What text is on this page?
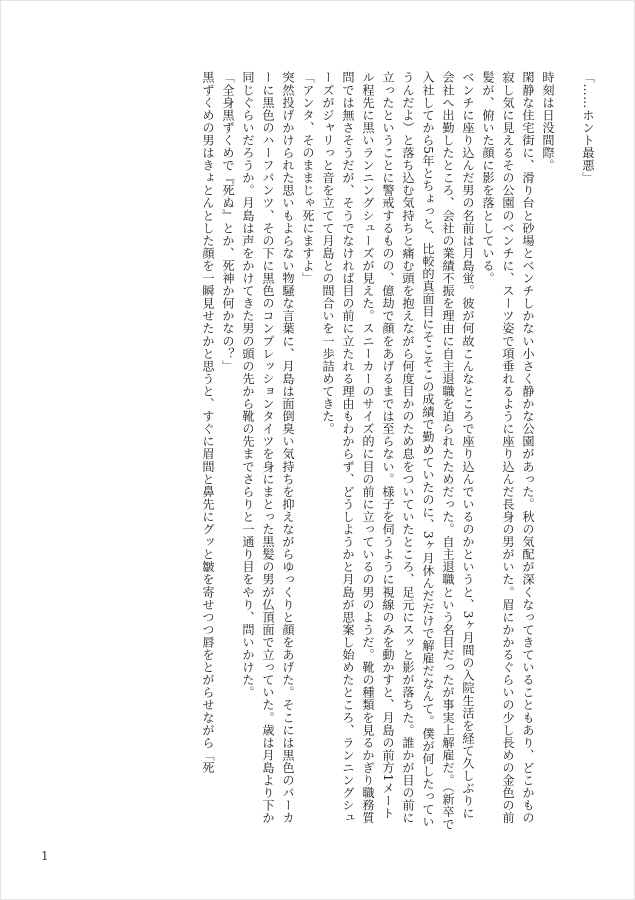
「……ホント最悪」

時刻は日没間際。

閑静な住宅街に、滑り台と砂場とベンチしかない小さく静かな公園があった。秋の気配が深くなってきていることもあり、どこかもの寂し気に見えるその公園のベンチに、スーツ姿で項垂れるように座り込んだ長身の男がいた。眉にかかるぐらいの少し長めの金色の前髪が、俯いた顔に影を落としている。

ベンチに座り込んだ男の名前は月島蛍。彼が何故こんなところで座り込んでいるのかというと、3ヶ月間の入院生活を経て久しぶりに会社へ出勤したところ、会社の業績不振を理由に自主退職を迫られたためだった。自主退職という名目だったが事実上解雇だ。（新卒で入社してから5年とちょっと、比較的真面目にそこそこの成績で勤めていたのに、3ヶ月休んだだけで解雇だなんて。僕が何したっていうんだよ）と落ち込む気持ちと痛む頭を抱えながら何度目かのため息をついていたところ、足元にスッと影が落ちた。誰かが目の前に立ったということに警戒するものの、億劫で顔をあげるまでは至らない。様子を伺うように視線のみを動かすと、月島の前方1メートル程先に黒いランニングシューズが見えた。スニーカーのサイズ的に目の前に立っているの男のようだ。靴の種類を見るかぎり職務質問では無さそうだが、そうでなければ目の前に立たれる理由もわからず、どうしようかと月島が思案し始めたところ、ランニングシューズがジャリっと音を立てて月島との間合いを一歩詰めてきた。

「アンタ、そのままじゃ死にますよ」

突然投げかけられた思いもよらない物騒な言葉に、月島は面倒臭い気持ちを抑えながらゆっくりと顔をあげた。そこには黒色のパーカーに黒色のハーフパンツ、その下に黒色のコンプレッションタイツを身にまとった黒髪の男が仏頂面で立っていた。歳は月島より下か同じぐらいだろうか。月島は声をかけてきた男の頭の先から靴の先までさらりと一通り目をやり、問いかけた。

「全身黒ずくめで『死ぬ』とか、死神か何かなの？」

黒ずくめの男はきょとんとした顔を一瞬見せたかと思うと、すぐに眉間と鼻先にグッと皺を寄せつつ唇をとがらせながら「死

1
